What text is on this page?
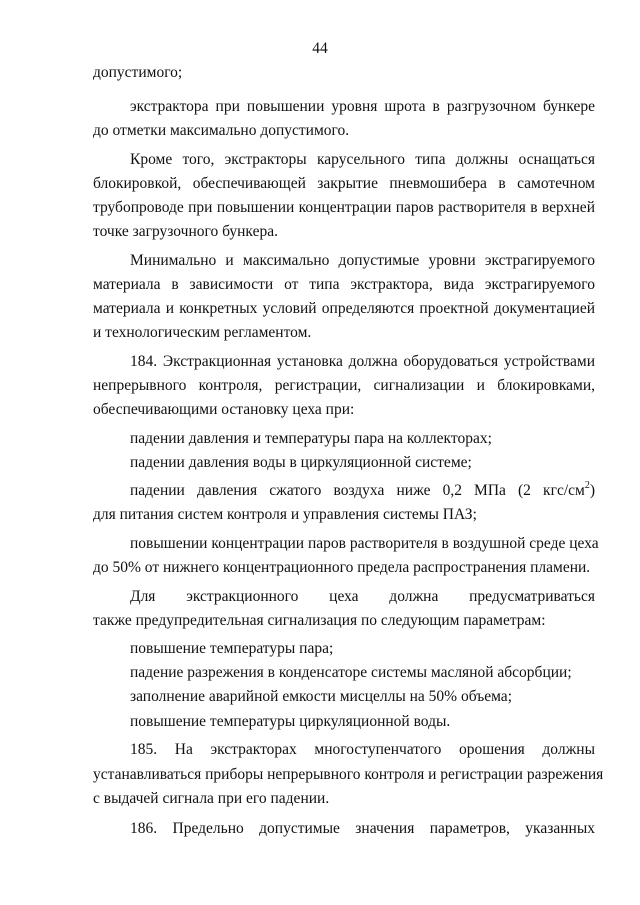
44
допустимого;
экстрактора при повышении уровня шрота в разгрузочном бункере
до отметки максимально допустимого.
Кроме того, экстракторы карусельного типа должны оснащаться
блокировкой, обеспечивающей закрытие пневмошибера в самотечном
трубопроводе при повышении концентрации паров растворителя в верхней
точке загрузочного бункера.
Минимально и максимально допустимые уровни экстрагируемого
материала в зависимости от типа экстрактора, вида экстрагируемого
материала и конкретных условий определяются проектной документацией
и технологическим регламентом.
184. Экстракционная установка должна оборудоваться устройствами
непрерывного контроля, регистрации, сигнализации и блокировками,
обеспечивающими остановку цеха при:
падении давления и температуры пара на коллекторах;
падении давления воды в циркуляционной системе;
падении давления сжатого воздуха ниже 0,2 МПа (2 кгс/$см^2$)
для питания систем контроля и управления системы ПАЗ;
повышении концентрации паров растворителя в воздушной среде цеха
до 50% от нижнего концентрационного предела распространения пламени.
Для экстракционного цеха должна предусматриваться
также предупредительная сигнализация по следующим параметрам:
повышение температуры пара;
падение разрежения в конденсаторе системы масляной абсорбции;
заполнение аварийной емкости мисцеллы на 50% объема;
повышение температуры циркуляционной воды.
185. На экстракторах многоступенчатого орошения должны
устанавливаться приборы непрерывного контроля и регистрации разрежения
с выдачей сигнала при его падении.
186. Предельно допустимые значения параметров, указанных
